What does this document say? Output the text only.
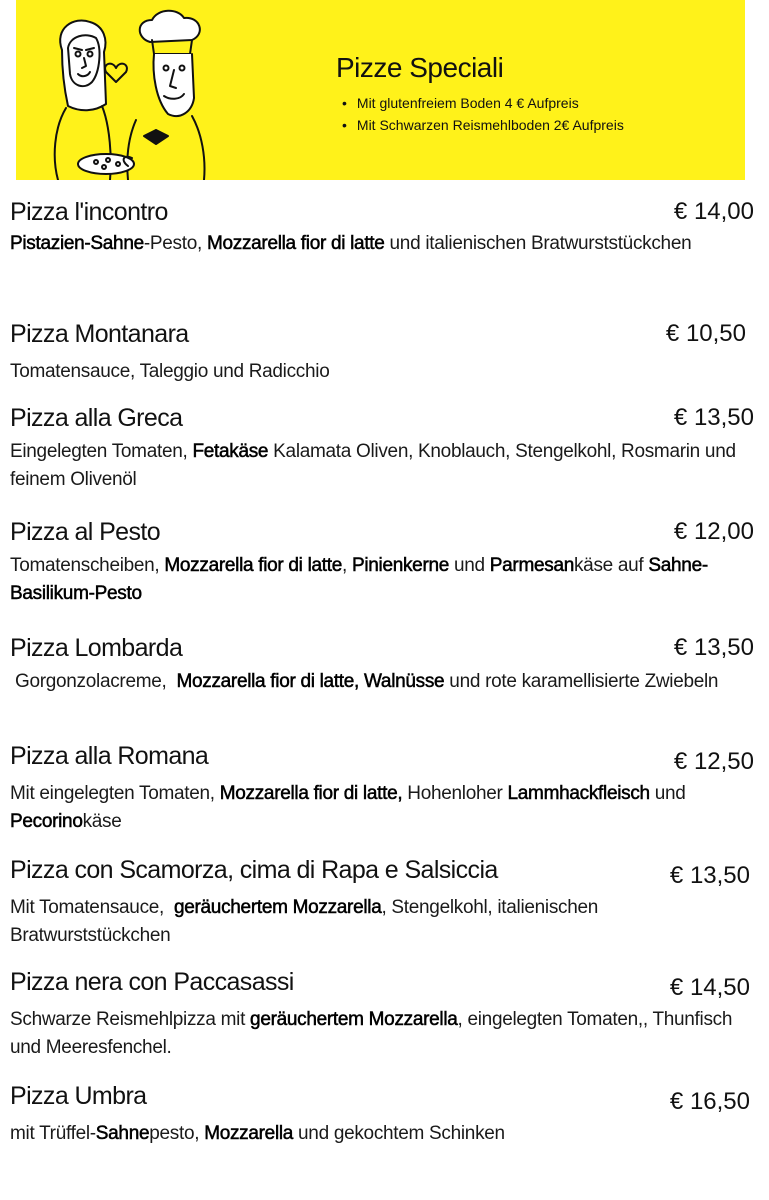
Pizze Speciali
• Mit glutenfreiem Boden 4 € Aufpreis
• Mit Schwarzen Reismehlboden 2€ Aufpreis
Pizza l'incontro	€ 14,00
Pistazien-Sahne-Pesto, Mozzarella fior di latte und italienischen Bratwurststückchen
Pizza Montanara	€ 10,50
Tomatensauce, Taleggio und Radicchio
Pizza alla Greca	€ 13,50
Eingelegten Tomaten, Fetakäse Kalamata Oliven, Knoblauch, Stengelkohl, Rosmarin und feinem Olivenöl
Pizza al Pesto	€ 12,00
Tomatenscheiben, Mozzarella fior di latte, Pinienkerne und Parmesankäse auf Sahne-Basilikum-Pesto
Pizza Lombarda	€ 13,50
Gorgonzolacreme,  Mozzarella fior di latte, Walnüsse und rote karamellisierte Zwiebeln
Pizza alla Romana	€ 12,50
Mit eingelegten Tomaten, Mozzarella fior di latte, Hohenloher Lammhackfleisch und Pecorinokäse
Pizza con Scamorza, cima di Rapa e Salsiccia	€ 13,50
Mit Tomatensauce,  geräuchertem Mozzarella, Stengelkohl, italienischen Bratwurststückchen
Pizza nera con Paccasassi	€ 14,50
Schwarze Reismehlpizza mit geräuchertem Mozzarella, eingelegten Tomaten,, Thunfisch und Meeresfenchel.
Pizza Umbra	€ 16,50
mit Trüffel-Sahnepesto, Mozzarella und gekochtem Schinken
